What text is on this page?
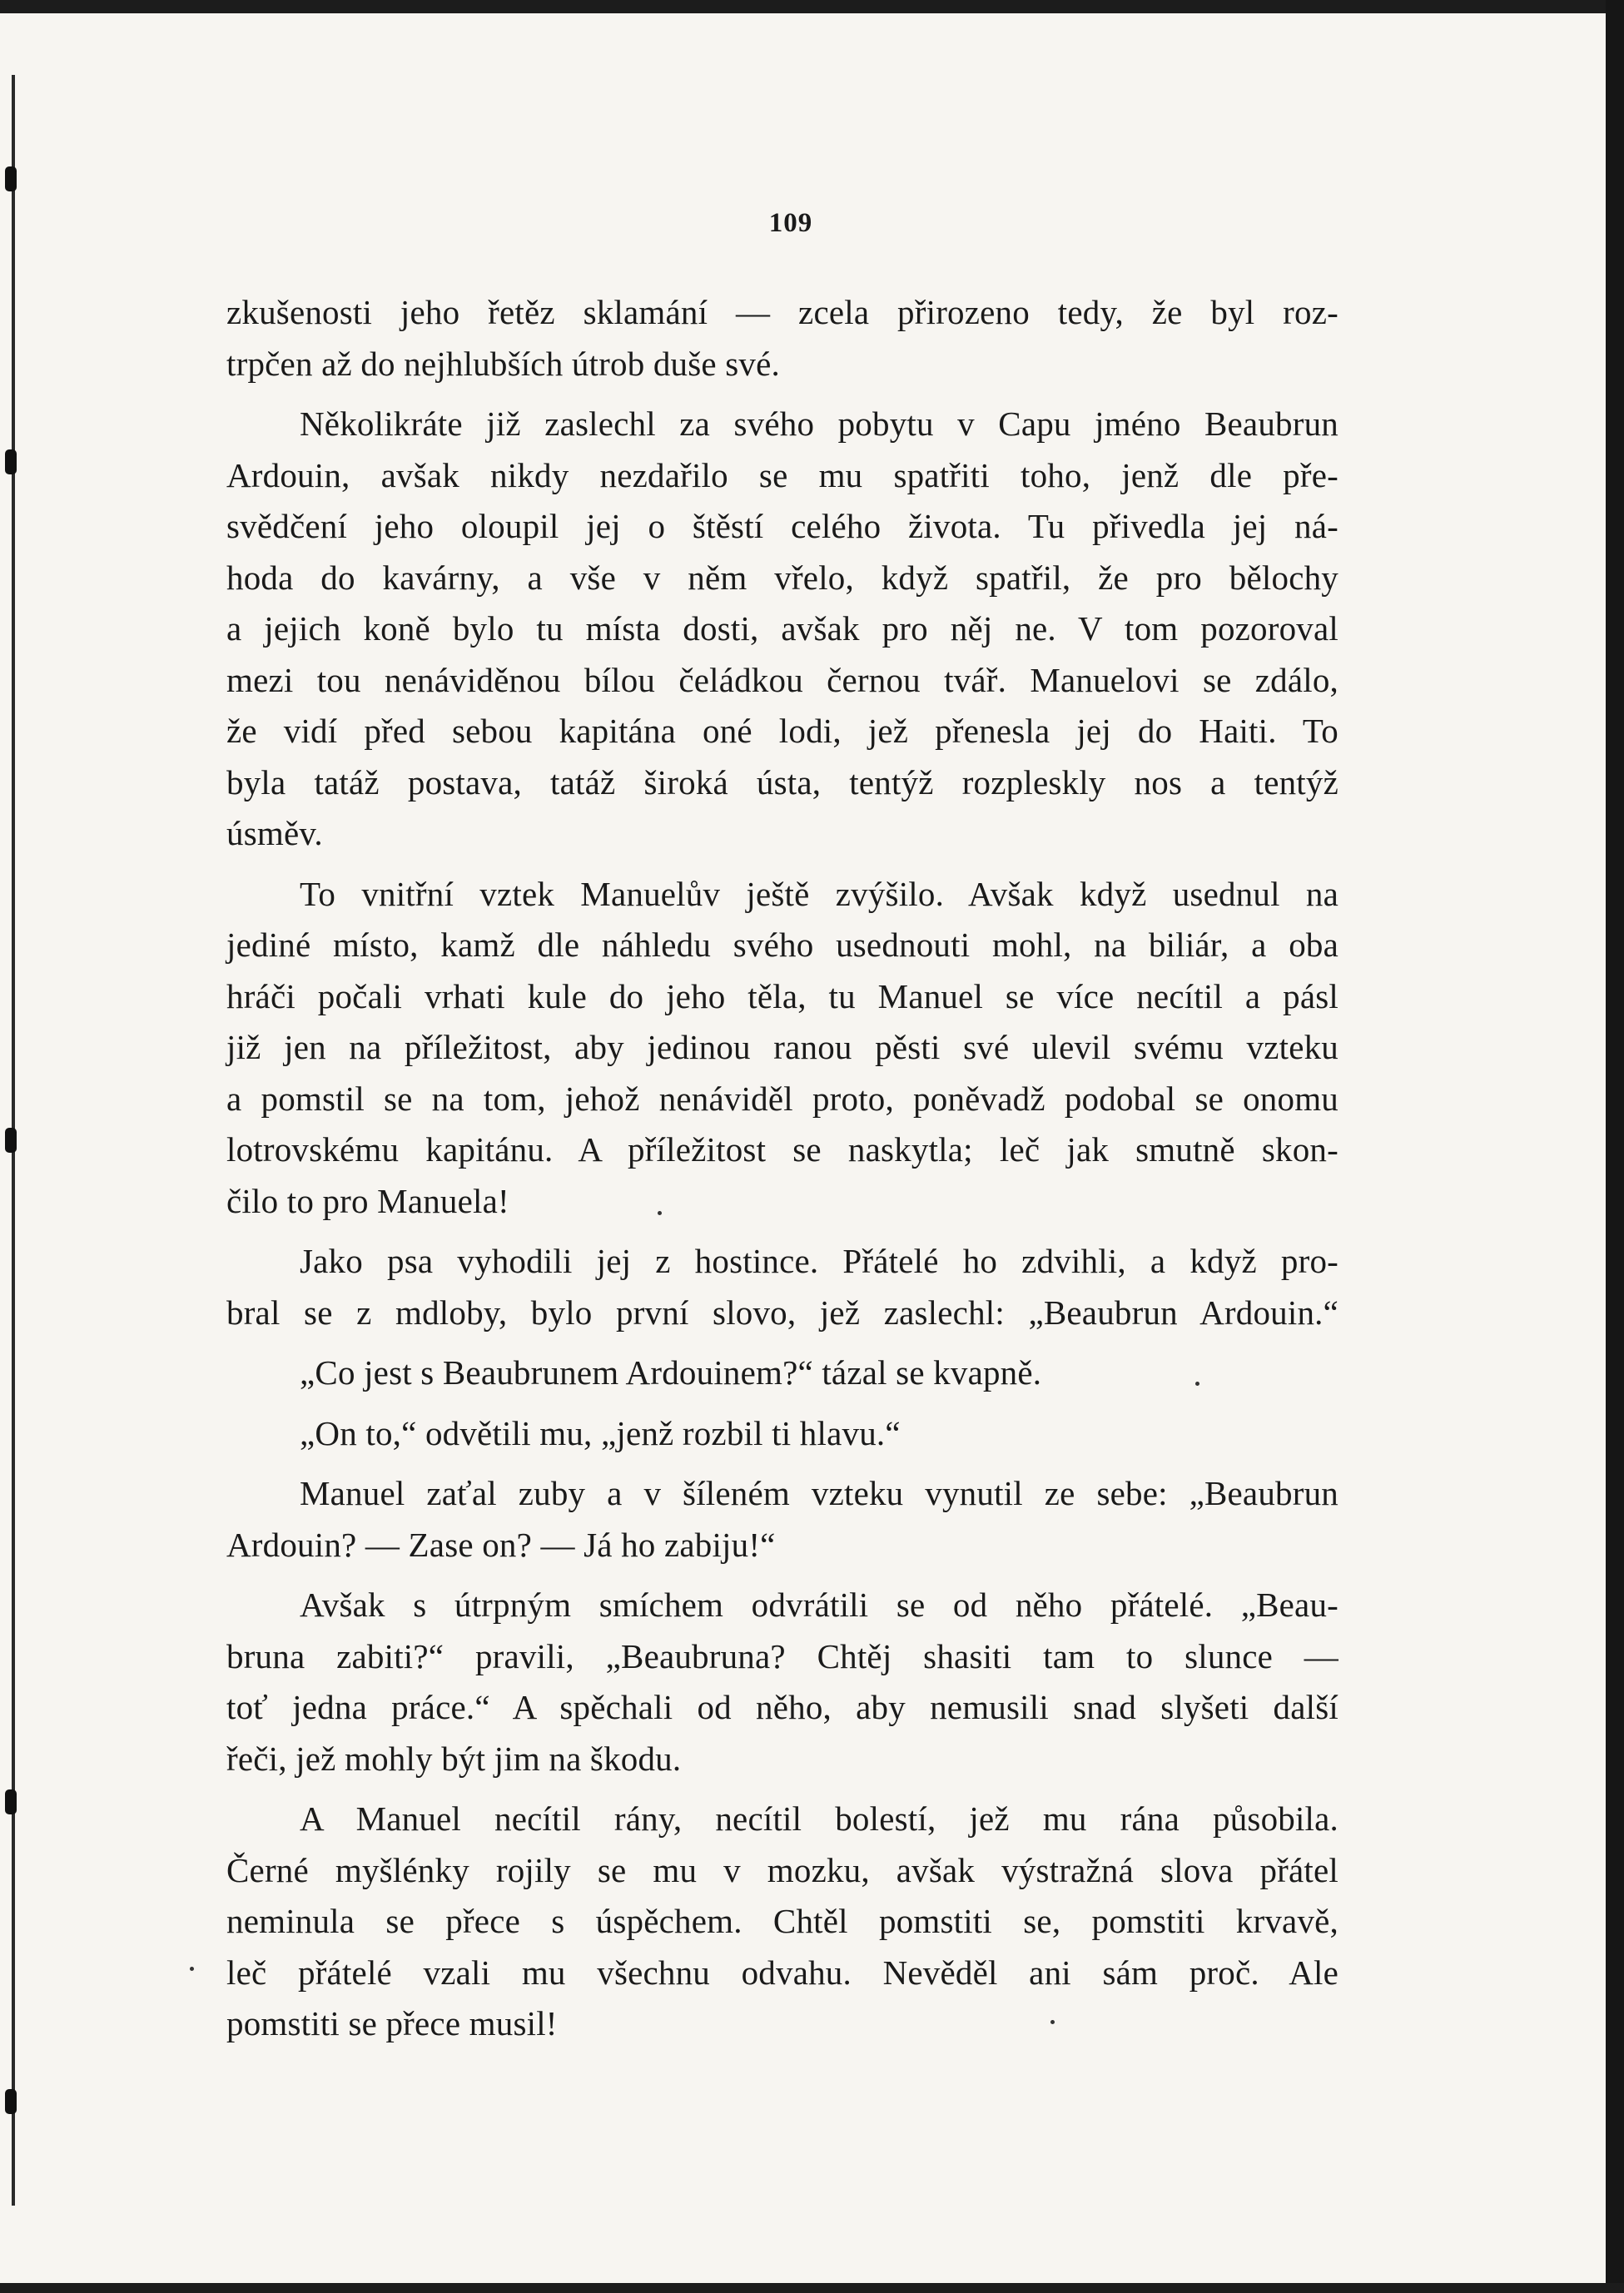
109

zkušenosti jeho řetěz sklamání — zcela přirozeno tedy, že byl roz-
trpčen až do nejhlubších útrob duše své.

Několikráte již zaslechl za svého pobytu v Capu jméno Beaubrun
Ardouin, avšak nikdy nezdařilo se mu spatřiti toho, jenž dle pře-
svědčení jeho oloupil jej o štěstí celého života. Tu přivedla jej ná-
hoda do kavárny, a vše v něm vřelo, když spatřil, že pro bělochy
a jejich koně bylo tu místa dosti, avšak pro něj ne. V tom pozoroval
mezi tou nenáviděnou bílou čeládkou černou tvář. Manuelovi se zdálo,
že vidí před sebou kapitána oné lodi, jež přenesla jej do Haiti. To
byla tatáž postava, tatáž široká ústa, tentýž rozpleskly nos a tentýž
úsměv.

To vnitřní vztek Manuelův ještě zvýšilo. Avšak když usednul na
jediné místo, kamž dle náhledu svého usednouti mohl, na biliár, a oba
hráči počali vrhati kule do jeho těla, tu Manuel se více necítil a pásl
již jen na příležitost, aby jedinou ranou pěsti své ulevil svému vzteku
a pomstil se na tom, jehož nenáviděl proto, poněvadž podobal se onomu
lotrovskému kapitánu. A příležitost se naskytla; leč jak smutně skon-
čilo to pro Manuela!

Jako psa vyhodili jej z hostince. Přátelé ho zdvihli, a když pro-
bral se z mdloby, bylo první slovo, jež zaslechl: „Beaubrun Ardouin.“

„Co jest s Beaubrunem Ardouinem?“ tázal se kvapně.

„On to,“ odvětili mu, „jenž rozbil ti hlavu.“

Manuel zaťal zuby a v šíleném vzteku vynutil ze sebe: „Beaubrun
Ardouin? — Zase on? — Já ho zabiju!“

Avšak s útrpným smíchem odvrátili se od něho přátelé. „Beau-
bruna zabiti?“ pravili, „Beaubruna? Chtěj shasiti tam to slunce —
toť jedna práce.“ A spěchali od něho, aby nemusili snad slyšeti další
řeči, jež mohly být jim na škodu.

A Manuel necítil rány, necítil bolestí, jež mu rána působila.
Černé myšlénky rojily se mu v mozku, avšak výstražná slova přátel
neminula se přece s úspěchem. Chtěl pomstiti se, pomstiti krvavě,
leč přátelé vzali mu všechnu odvahu. Nevěděl ani sám proč. Ale
pomstiti se přece musil!
